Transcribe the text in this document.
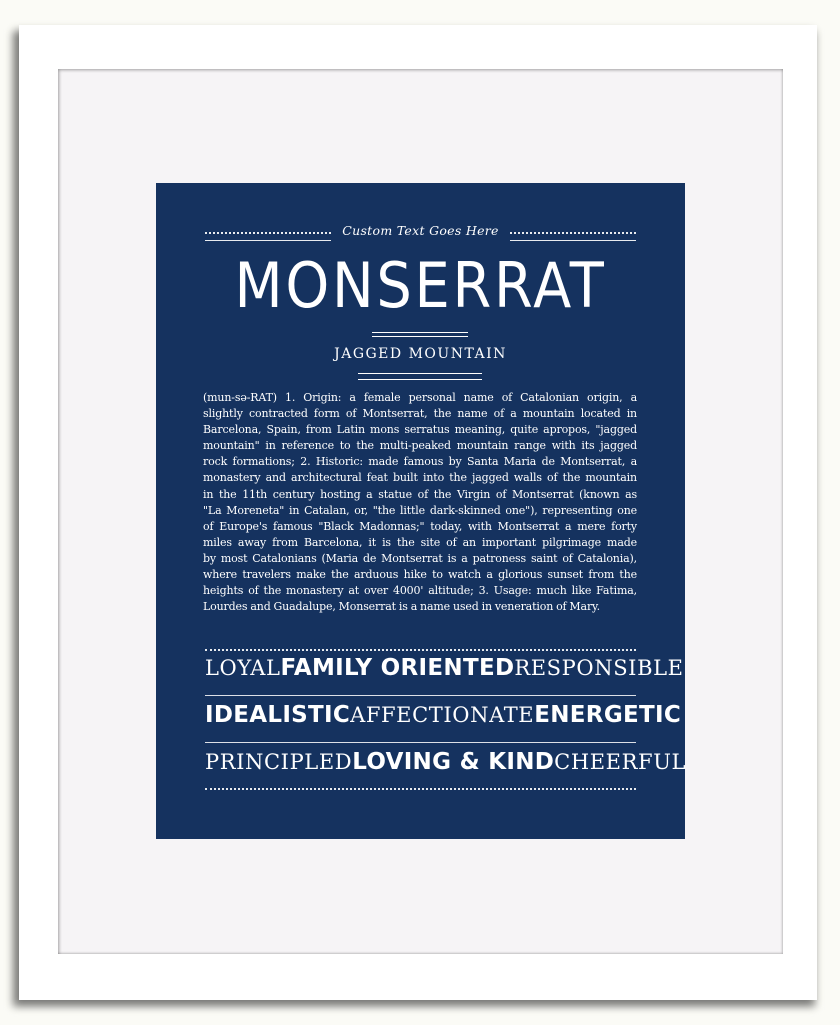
Custom Text Goes Here
MONSERRAT
JAGGED MOUNTAIN
(mun-sə-RAT) 1. Origin: a female personal name of Catalonian origin, a
slightly contracted form of Montserrat, the name of a mountain located in
Barcelona, Spain, from Latin mons serratus meaning, quite apropos, "jagged
mountain" in reference to the multi-peaked mountain range with its jagged
rock formations; 2. Historic: made famous by Santa Maria de Montserrat, a
monastery and architectural feat built into the jagged walls of the mountain
in the 11th century hosting a statue of the Virgin of Montserrat (known as
"La Moreneta" in Catalan, or, "the little dark-skinned one"), representing one
of Europe's famous "Black Madonnas;" today, with Montserrat a mere forty
miles away from Barcelona, it is the site of an important pilgrimage made
by most Catalonians (Maria de Montserrat is a patroness saint of Catalonia),
where travelers make the arduous hike to watch a glorious sunset from the
heights of the monastery at over 4000' altitude; 3. Usage: much like Fatima,
Lourdes and Guadalupe, Monserrat is a name used in veneration of Mary.
LOYAL FAMILY ORIENTED RESPONSIBLE
IDEALISTIC AFFECTIONATE ENERGETIC
PRINCIPLED LOVING & KIND CHEERFUL
